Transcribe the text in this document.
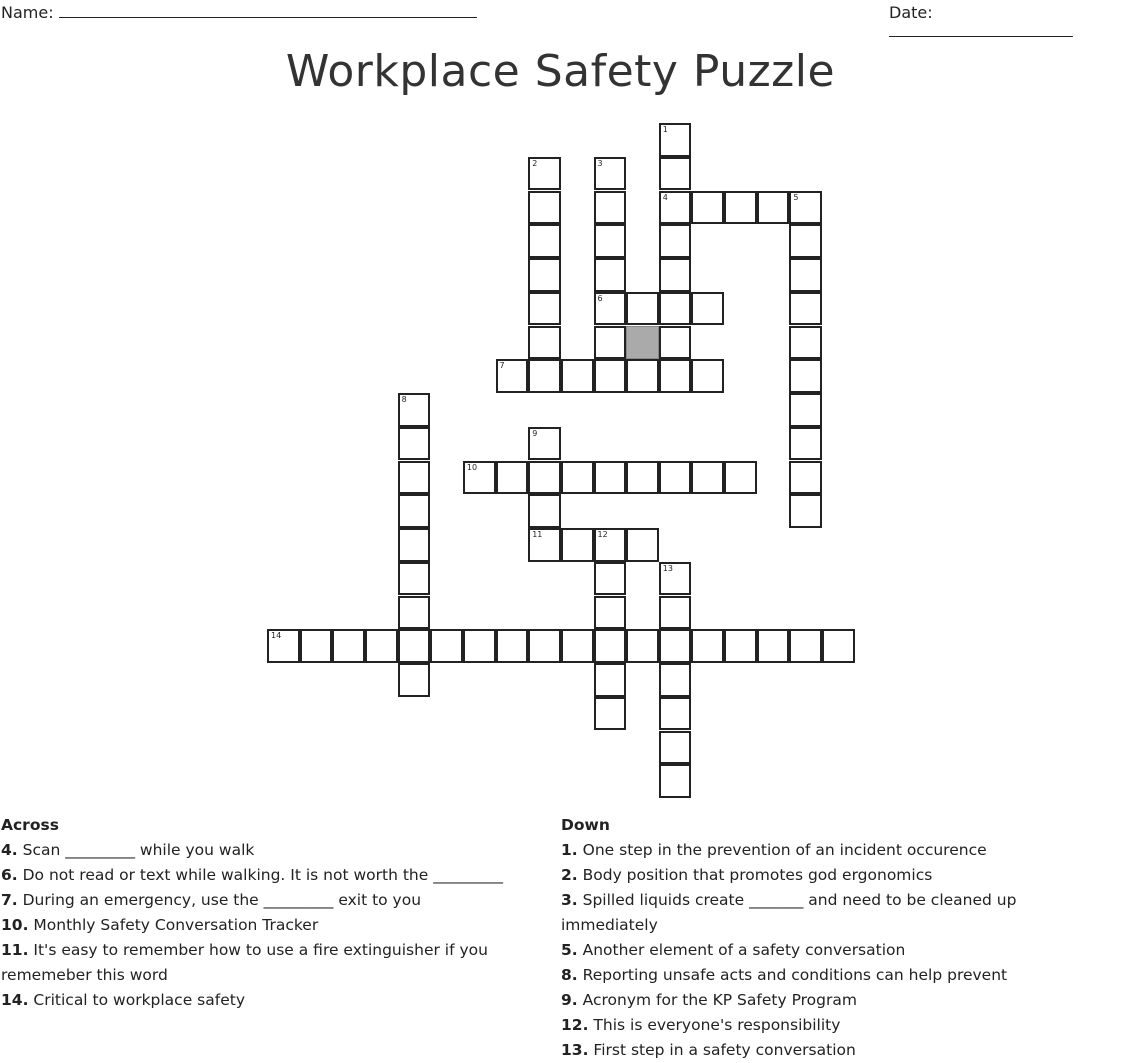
Name:	Date:
Workplace Safety Puzzle
1
4
2	3
6
5
7
8
9
11
10
12
13
14
Across
4. Scan _________ while you walk
6. Do not read or text while walking. It is not worth the _________
7. During an emergency, use the _________ exit to you
10. Monthly Safety Conversation Tracker
11. It's easy to remember how to use a fire extinguisher if you rememeber this word
14. Critical to workplace safety
Down
1. One step in the prevention of an incident occurence
2. Body position that promotes god ergonomics
3. Spilled liquids create _______ and need to be cleaned up immediately
5. Another element of a safety conversation
8. Reporting unsafe acts and conditions can help prevent
9. Acronym for the KP Safety Program
12. This is everyone's responsibility
13. First step in a safety conversation
